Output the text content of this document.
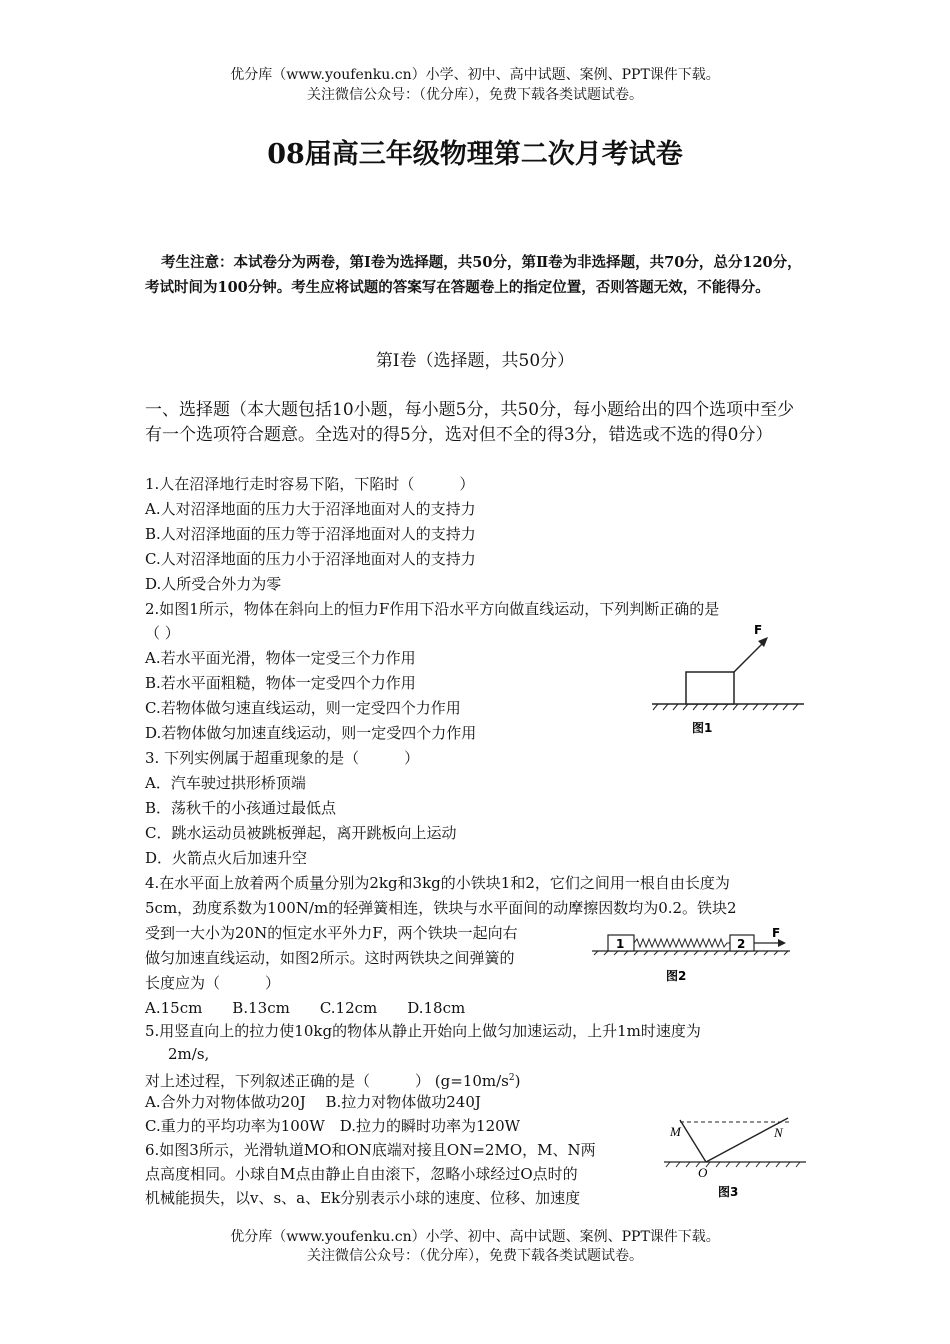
优分库（www.youfenku.cn）小学、初中、高中试题、案例、PPT课件下载。
关注微信公众号：（优分库），免费下载各类试题试卷。
08届高三年级物理第二次月考试卷
考生注意：本试卷分为两卷，第Ⅰ卷为选择题，共50分，第Ⅱ卷为非选择题，共70分，总分120分，考试时间为100分钟。考生应将试题的答案写在答题卷上的指定位置，否则答题无效，不能得分。
第Ⅰ卷（选择题，共50分）
一、选择题（本大题包括10小题，每小题5分，共50分，每小题给出的四个选项中至少有一个选项符合题意。全选对的得5分，选对但不全的得3分，错选或不选的得0分）
1.人在沼泽地行走时容易下陷，下陷时（　　　）
A.人对沼泽地面的压力大于沼泽地面对人的支持力
B.人对沼泽地面的压力等于沼泽地面对人的支持力
C.人对沼泽地面的压力小于沼泽地面对人的支持力
D.人所受合外力为零
2.如图1所示，物体在斜向上的恒力F作用下沿水平方向做直线运动，下列判断正确的是
（ ）
A.若水平面光滑，物体一定受三个力作用
B.若水平面粗糙，物体一定受四个力作用
C.若物体做匀速直线运动，则一定受四个力作用
D.若物体做匀加速直线运动，则一定受四个力作用
F
图1
3. 下列实例属于超重现象的是（　　　）
A．汽车驶过拱形桥顶端
B．荡秋千的小孩通过最低点
C．跳水运动员被跳板弹起，离开跳板向上运动
D．火箭点火后加速升空
4.在水平面上放着两个质量分别为2kg和3kg的小铁块1和2，它们之间用一根自由长度为
5cm，劲度系数为100N/m的轻弹簧相连，铁块与水平面间的动摩擦因数均为0.2。铁块2
受到一大小为20N的恒定水平外力F，两个铁块一起向右
做匀加速直线运动，如图2所示。这时两铁块之间弹簧的
长度应为（　　　）
A.15cm　　B.13cm　　C.12cm　　D.18cm
1	2
F
图2
5.用竖直向上的拉力使10kg的物体从静止开始向上做匀加速运动，上升1m时速度为
2m/s,
对上述过程，下列叙述正确的是（　　　） $(g=10m/s^2)$
A.合外力对物体做功20J　 B.拉力对物体做功240J
C.重力的平均功率为100W　D.拉力的瞬时功率为120W
6.如图3所示，光滑轨道MO和ON底端对接且ON=2MO，M、N两
点高度相同。小球自M点由静止自由滚下，忽略小球经过O点时的
机械能损失，以v、s、a、Ek分别表示小球的速度、位移、加速度
M	N
O
图3
优分库（www.youfenku.cn）小学、初中、高中试题、案例、PPT课件下载。
关注微信公众号：（优分库），免费下载各类试题试卷。
